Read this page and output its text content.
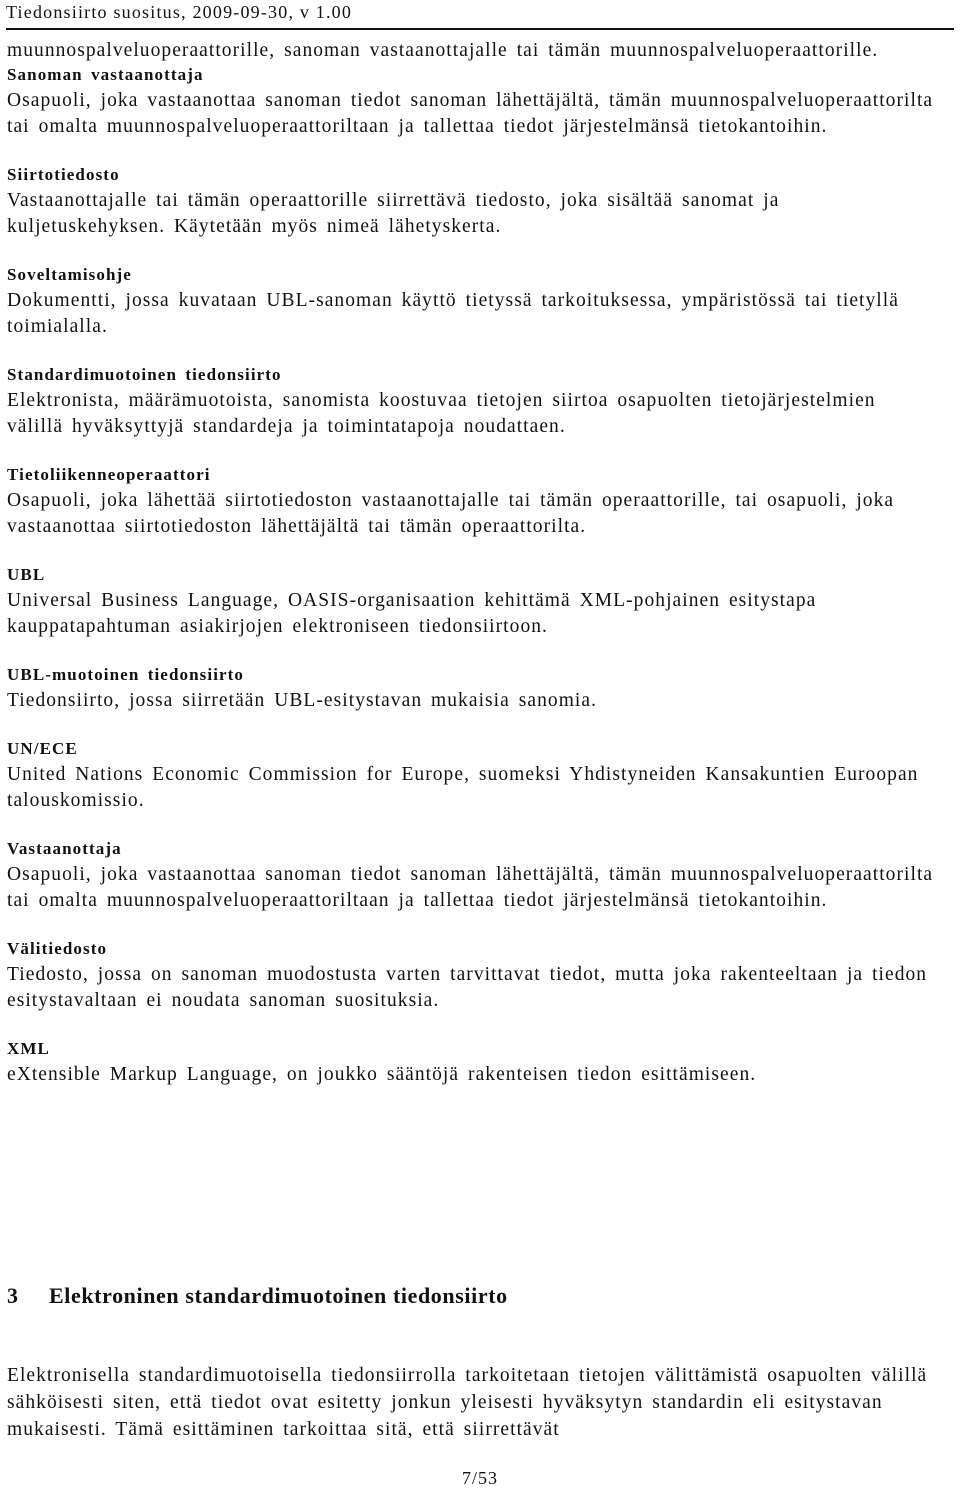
Tiedonsiirto suositus, 2009-09-30, v 1.00

muunnospalveluoperaattorille, sanoman vastaanottajalle tai tämän muunnospalveluoperaattorille.

Sanoman vastaanottaja

Osapuoli, joka vastaanottaa sanoman tiedot sanoman lähettäjältä, tämän muunnospalveluoperaattorilta tai omalta muunnospalveluoperaattoriltaan ja tallettaa tiedot järjestelmänsä tietokantoihin.

Siirtotiedosto

Vastaanottajalle tai tämän operaattorille siirrettävä tiedosto, joka sisältää sanomat ja kuljetuskehyksen. Käytetään myös nimeä lähetyskerta.

Soveltamisohje

Dokumentti, jossa kuvataan UBL-sanoman käyttö tietyssä tarkoituksessa, ympäristössä tai tietyllä toimialalla.

Standardimuotoinen tiedonsiirto

Elektronista, määrämuotoista, sanomista koostuvaa tietojen siirtoa osapuolten tietojärjestelmien välillä hyväksyttyjä standardeja ja toimintatapoja noudattaen.

Tietoliikenneoperaattori

Osapuoli, joka lähettää siirtotiedoston vastaanottajalle tai tämän operaattorille, tai osapuoli, joka vastaanottaa siirtotiedoston lähettäjältä tai tämän operaattorilta.

UBL

Universal Business Language, OASIS-organisaation kehittämä XML-pohjainen esitystapa kauppatapahtuman asiakirjojen elektroniseen tiedonsiirtoon.

UBL-muotoinen tiedonsiirto

Tiedonsiirto, jossa siirretään UBL-esitystavan mukaisia sanomia.

UN/ECE

United Nations Economic Commission for Europe, suomeksi Yhdistyneiden Kansakuntien Euroopan talouskomissio.

Vastaanottaja

Osapuoli, joka vastaanottaa sanoman tiedot sanoman lähettäjältä, tämän muunnospalveluoperaattorilta tai omalta muunnospalveluoperaattoriltaan ja tallettaa tiedot järjestelmänsä tietokantoihin.

Välitiedosto

Tiedosto, jossa on sanoman muodostusta varten tarvittavat tiedot, mutta joka rakenteeltaan ja tiedon esitystavaltaan ei noudata sanoman suosituksia.

XML

eXtensible Markup Language, on joukko sääntöjä rakenteisen tiedon esittämiseen.

3 Elektroninen standardimuotoinen tiedonsiirto

Elektronisella standardimuotoisella tiedonsiirrolla tarkoitetaan tietojen välittämistä osapuolten välillä sähköisesti siten, että tiedot ovat esitetty jonkun yleisesti hyväksytyn standardin eli esitystavan mukaisesti. Tämä esittäminen tarkoittaa sitä, että siirrettävät

7/53
